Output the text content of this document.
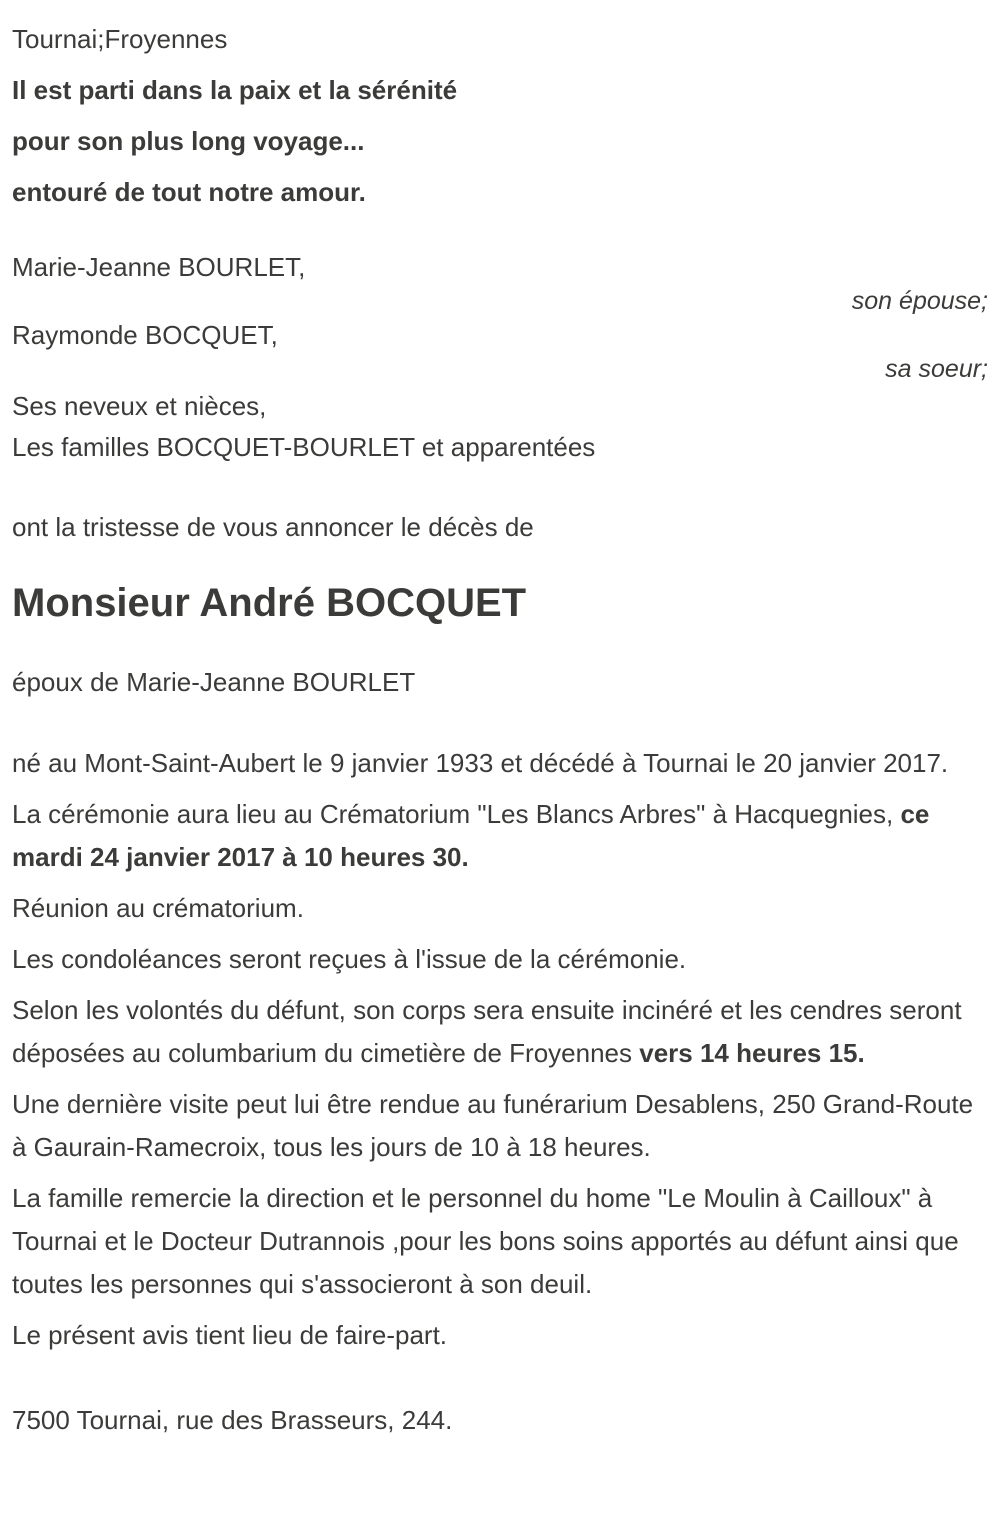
Tournai;Froyennes

Il est parti dans la paix et la sérénité

pour son plus long voyage...

entouré de tout notre amour.

Marie-Jeanne BOURLET,

son épouse;

Raymonde BOCQUET,

sa soeur;

Ses neveux et nièces,

Les familles BOCQUET-BOURLET et apparentées

ont la tristesse de vous annoncer le décès de

Monsieur André BOCQUET

époux de Marie-Jeanne BOURLET

né au Mont-Saint-Aubert le 9 janvier 1933 et décédé à Tournai le 20 janvier 2017.

La cérémonie aura lieu au Crématorium "Les Blancs Arbres" à Hacquegnies, ce mardi 24 janvier 2017 à 10 heures 30.

Réunion au crématorium.

Les condoléances seront reçues à l'issue de la cérémonie.

Selon les volontés du défunt, son corps sera ensuite incinéré et les cendres seront déposées au columbarium du cimetière de Froyennes vers 14 heures 15.

Une dernière visite peut lui être rendue au funérarium Desablens, 250 Grand-Route à Gaurain-Ramecroix, tous les jours de 10 à 18 heures.

La famille remercie la direction et le personnel du home "Le Moulin à Cailloux" à Tournai et le Docteur Dutrannois ,pour les bons soins apportés au défunt ainsi que toutes les personnes qui s'associeront à son deuil.

Le présent avis tient lieu de faire-part.

7500 Tournai, rue des Brasseurs, 244.
